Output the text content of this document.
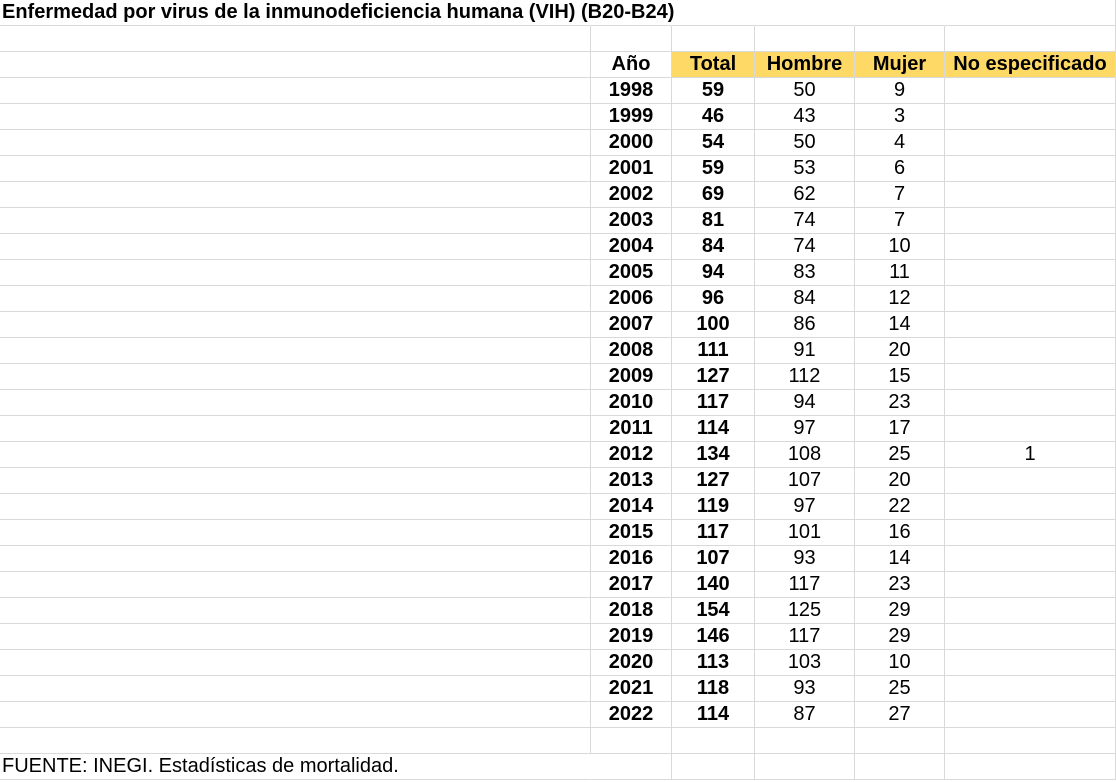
Enfermedad por virus de la inmunodeficiencia humana (VIH) (B20-B24)
Año	Total	Hombre	Mujer	No especificado
1998	59	50	9
1999	46	43	3
2000	54	50	4
2001	59	53	6
2002	69	62	7
2003	81	74	7
2004	84	74	10
2005	94	83	11
2006	96	84	12
2007	100	86	14
2008	111	91	20
2009	127	112	15
2010	117	94	23
2011	114	97	17
2012	134	108	25	1
2013	127	107	20
2014	119	97	22
2015	117	101	16
2016	107	93	14
2017	140	117	23
2018	154	125	29
2019	146	117	29
2020	113	103	10
2021	118	93	25
2022	114	87	27
FUENTE: INEGI. Estadísticas de mortalidad.
